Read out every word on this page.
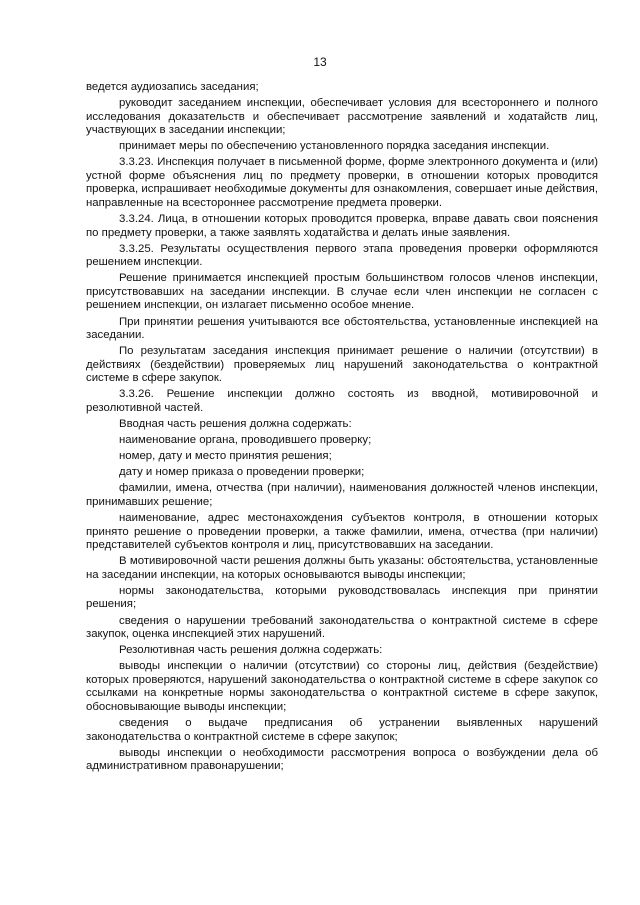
13

ведется аудиозапись заседания;

руководит заседанием инспекции, обеспечивает условия для всестороннего и полного исследования доказательств и обеспечивает рассмотрение заявлений и ходатайств лиц, участвующих в заседании инспекции;

принимает меры по обеспечению установленного порядка заседания инспекции.

3.3.23. Инспекция получает в письменной форме, форме электронного документа и (или) устной форме объяснения лиц по предмету проверки, в отношении которых проводится проверка, испрашивает необходимые документы для ознакомления, совершает иные действия, направленные на всестороннее рассмотрение предмета проверки.

3.3.24. Лица, в отношении которых проводится проверка, вправе давать свои пояснения по предмету проверки, а также заявлять ходатайства и делать иные заявления.

3.3.25. Результаты осуществления первого этапа проведения проверки оформляются решением инспекции.

Решение принимается инспекцией простым большинством голосов членов инспекции, присутствовавших на заседании инспекции. В случае если член инспекции не согласен с решением инспекции, он излагает письменно особое мнение.

При принятии решения учитываются все обстоятельства, установленные инспекцией на заседании.

По результатам заседания инспекция принимает решение о наличии (отсутствии) в действиях (бездействии) проверяемых лиц нарушений законодательства о контрактной системе в сфере закупок.

3.3.26. Решение инспекции должно состоять из вводной, мотивировочной и резолютивной частей.

Вводная часть решения должна содержать:

наименование органа, проводившего проверку;

номер, дату и место принятия решения;

дату и номер приказа о проведении проверки;

фамилии, имена, отчества (при наличии), наименования должностей членов инспекции, принимавших решение;

наименование, адрес местонахождения субъектов контроля, в отношении которых принято решение о проведении проверки, а также фамилии, имена, отчества (при наличии) представителей субъектов контроля и лиц, присутствовавших на заседании.

В мотивировочной части решения должны быть указаны: обстоятельства, установленные на заседании инспекции, на которых основываются выводы инспекции;

нормы законодательства, которыми руководствовалась инспекция при принятии решения;

сведения о нарушении требований законодательства о контрактной системе в сфере закупок, оценка инспекцией этих нарушений.

Резолютивная часть решения должна содержать:

выводы инспекции о наличии (отсутствии) со стороны лиц, действия (бездействие) которых проверяются, нарушений законодательства о контрактной системе в сфере закупок со ссылками на конкретные нормы законодательства о контрактной системе в сфере закупок, обосновывающие выводы инспекции;

сведения о выдаче предписания об устранении выявленных нарушений законодательства о контрактной системе в сфере закупок;

выводы инспекции о необходимости рассмотрения вопроса о возбуждении дела об административном правонарушении;
